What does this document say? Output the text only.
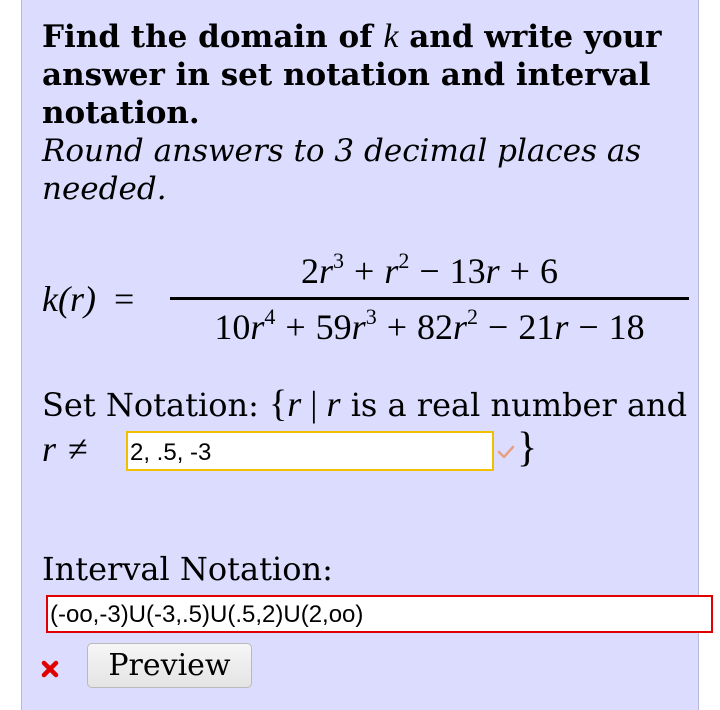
Find the domain of k and write your answer in set notation and interval notation.
Round answers to 3 decimal places as needed.
k(r) =
$2r^3 + r^2 - 13r + 6$
$10r^4 + 59r^3 + 82r^2 - 21r - 18$
Set Notation: {r | r is a real number and
r ≠ 2, .5, -3	}
Interval Notation:
(-oo,-3)U(-3,.5)U(.5,2)U(2,oo)
Preview
